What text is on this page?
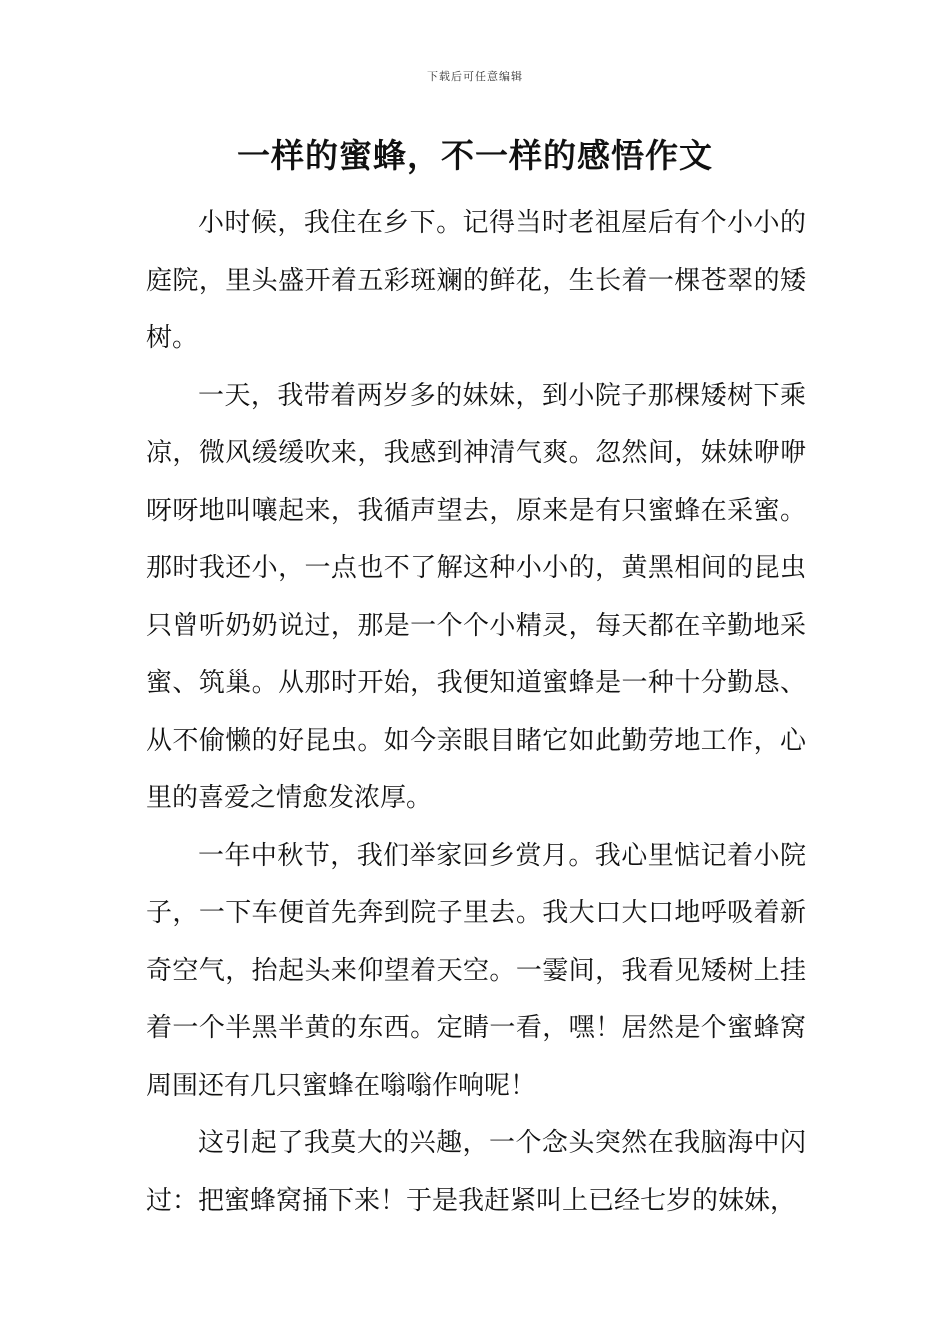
下载后可任意编辑
一样的蜜蜂，不一样的感悟作文

小时候，我住在乡下。记得当时老祖屋后有个小小的庭院，里头盛开着五彩斑斓的鲜花，生长着一棵苍翠的矮树。

一天，我带着两岁多的妹妹，到小院子那棵矮树下乘凉，微风缓缓吹来，我感到神清气爽。忽然间，妹妹咿咿呀呀地叫嚷起来，我循声望去，原来是有只蜜蜂在采蜜。那时我还小，一点也不了解这种小小的，黄黑相间的昆虫只曾听奶奶说过，那是一个个小精灵，每天都在辛勤地采蜜、筑巢。从那时开始，我便知道蜜蜂是一种十分勤恳、从不偷懒的好昆虫。如今亲眼目睹它如此勤劳地工作，心里的喜爱之情愈发浓厚。

一年中秋节，我们举家回乡赏月。我心里惦记着小院子，一下车便首先奔到院子里去。我大口大口地呼吸着新奇空气，抬起头来仰望着天空。一霎间，我看见矮树上挂着一个半黑半黄的东西。定睛一看，嘿！居然是个蜜蜂窝周围还有几只蜜蜂在嗡嗡作响呢！

这引起了我莫大的兴趣，一个念头突然在我脑海中闪过：把蜜蜂窝捅下来！于是我赶紧叫上已经七岁的妹妹，
